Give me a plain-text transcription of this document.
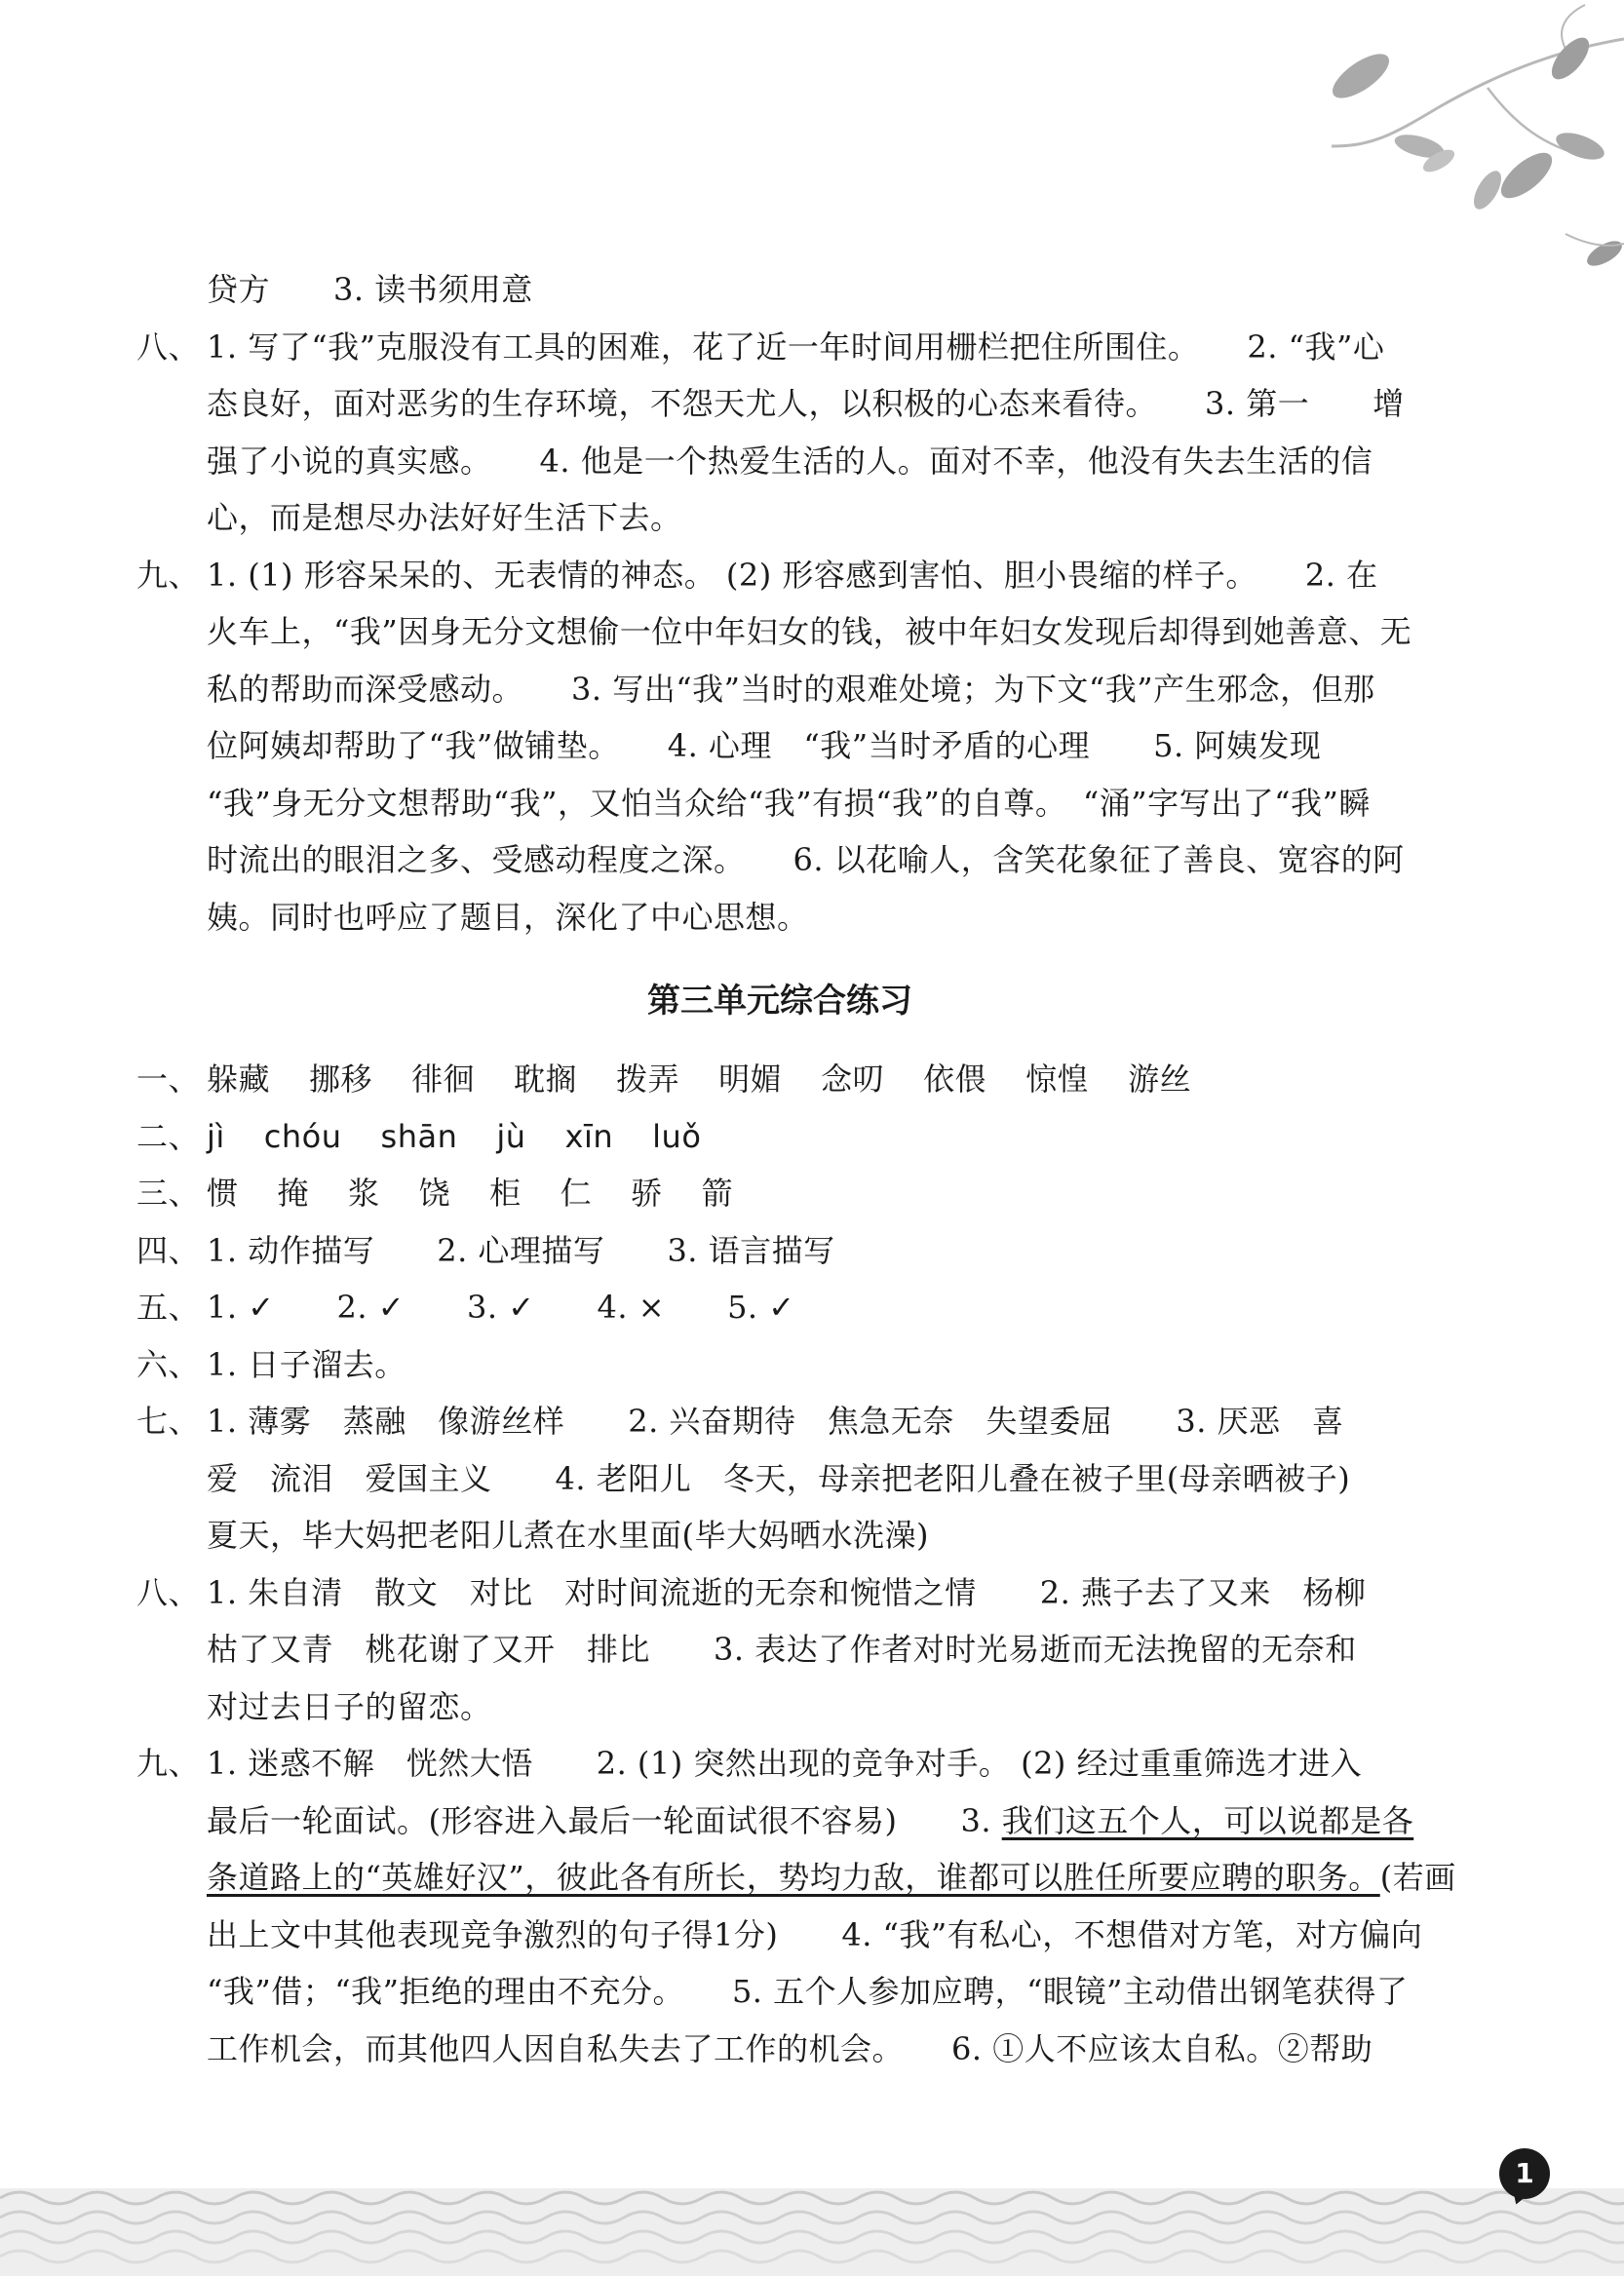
贷方　　3. 读书须用意
八、 1. 写了“我”克服没有工具的困难，花了近一年时间用栅栏把住所围住。　　2. “我”心
态良好，面对恶劣的生存环境，不怨天尤人，以积极的心态来看待。　　3. 第一　　增
强了小说的真实感。　　4. 他是一个热爱生活的人。面对不幸，他没有失去生活的信
心，而是想尽办法好好生活下去。
九、 1. (1) 形容呆呆的、无表情的神态。 (2) 形容感到害怕、胆小畏缩的样子。　　2. 在
火车上，“我”因身无分文想偷一位中年妇女的钱，被中年妇女发现后却得到她善意、无
私的帮助而深受感动。　　3. 写出“我”当时的艰难处境；为下文“我”产生邪念，但那
位阿姨却帮助了“我”做铺垫。　　4. 心理　“我”当时矛盾的心理　　5. 阿姨发现
“我”身无分文想帮助“我”，又怕当众给“我”有损“我”的自尊。　“涌”字写出了“我”瞬
时流出的眼泪之多、受感动程度之深。　　6. 以花喻人，含笑花象征了善良、宽容的阿
姨。同时也呼应了题目，深化了中心思想。
第三单元综合练习
一、 躲藏 挪移 徘徊 耽搁 拨弄 明媚 念叨 依偎 惊惶 游丝
二、 jì chóu shān jù xīn luǒ
三、 惯 掩 浆 饶 柜 仁 骄 箭
四、 1. 动作描写 2. 心理描写 3. 语言描写
五、 1. ✓ 2. ✓ 3. ✓ 4. × 5. ✓
六、 1. 日子溜去。
七、 1. 薄雾　蒸融　像游丝样　　2. 兴奋期待　焦急无奈　失望委屈　　3. 厌恶　喜
爱　流泪　爱国主义　　4. 老阳儿　冬天，母亲把老阳儿叠在被子里(母亲晒被子)
夏天，毕大妈把老阳儿煮在水里面(毕大妈晒水洗澡)
八、 1. 朱自清　散文　对比　对时间流逝的无奈和惋惜之情　　2. 燕子去了又来　杨柳
枯了又青　桃花谢了又开　排比　　3. 表达了作者对时光易逝而无法挽留的无奈和
对过去日子的留恋。
九、 1. 迷惑不解　恍然大悟　　2. (1) 突然出现的竞争对手。 (2) 经过重重筛选才进入
最后一轮面试。(形容进入最后一轮面试很不容易)　　3. 我们这五个人，可以说都是各
条道路上的“英雄好汉”，彼此各有所长，势均力敌，谁都可以胜任所要应聘的职务。(若画
出上文中其他表现竞争激烈的句子得1分)　　4. “我”有私心，不想借对方笔，对方偏向
“我”借；“我”拒绝的理由不充分。　　5. 五个人参加应聘，“眼镜”主动借出钢笔获得了
工作机会，而其他四人因自私失去了工作的机会。　　6. ①人不应该太自私。②帮助
1
